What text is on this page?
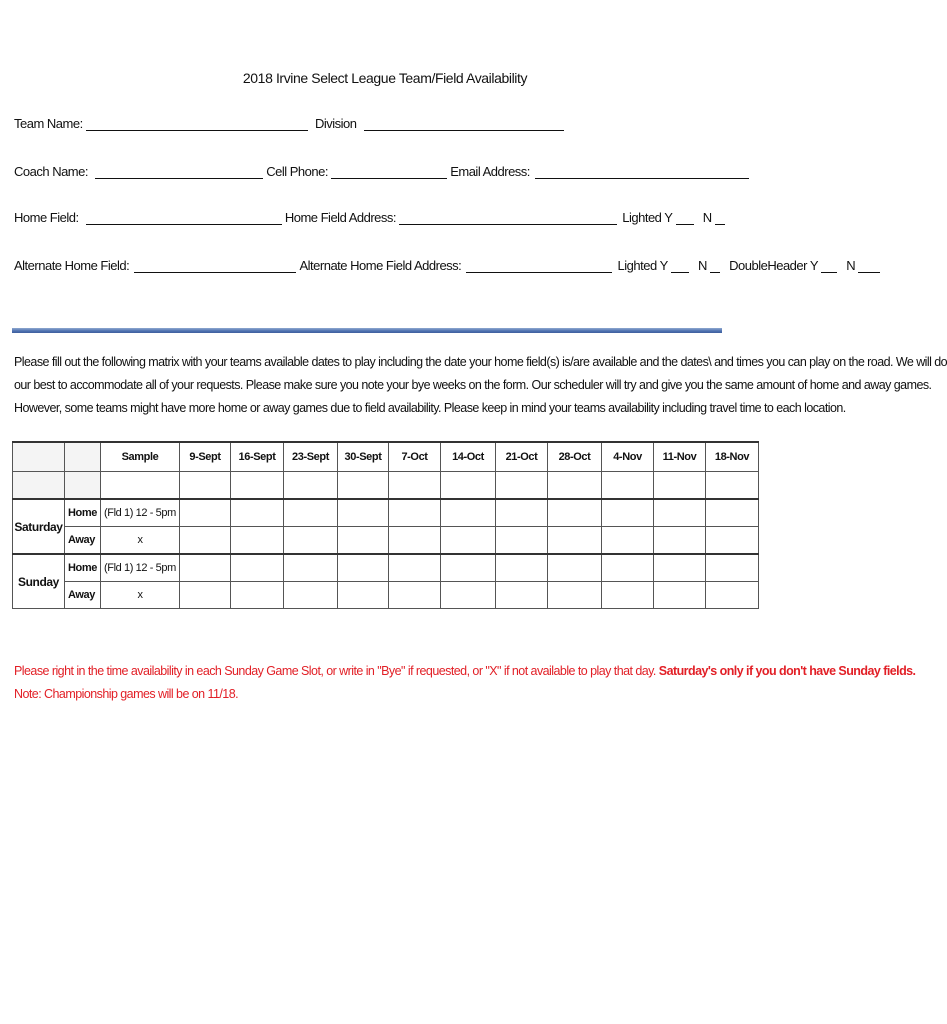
2018 Irvine Select League Team/Field Availability
Team Name:	Division
Coach Name:	Cell Phone:	Email Address:
Home Field:	Home Field Address:	Lighted Y N
Alternate Home Field:	Alternate Home Field Address:	Lighted Y N DoubleHeader Y N
Please fill out the following matrix with your teams available dates to play including the date your home field(s) is/are available and the dates\ and times you can play on the road. We will do
our best to accommodate all of your requests. Please make sure you note your bye weeks on the form. Our scheduler will try and give you the same amount of home and away games.
However, some teams might have more home or away games due to field availability. Please keep in mind your teams availability including travel time to each location.
		Sample	9-Sept	16-Sept	23-Sept	30-Sept	7-Oct	14-Oct	21-Oct	28-Oct	4-Nov	11-Nov	18-Nov

Saturday	Home	(Fld 1) 12 - 5pm											
	Away	x											
Sunday	Home	(Fld 1) 12 - 5pm											
	Away	x											
Please right in the time availability in each Sunday Game Slot, or write in "Bye" if requested, or "X" if not available to play that day. Saturday's only if you don't have Sunday fields.
Note: Championship games will be on 11/18.
